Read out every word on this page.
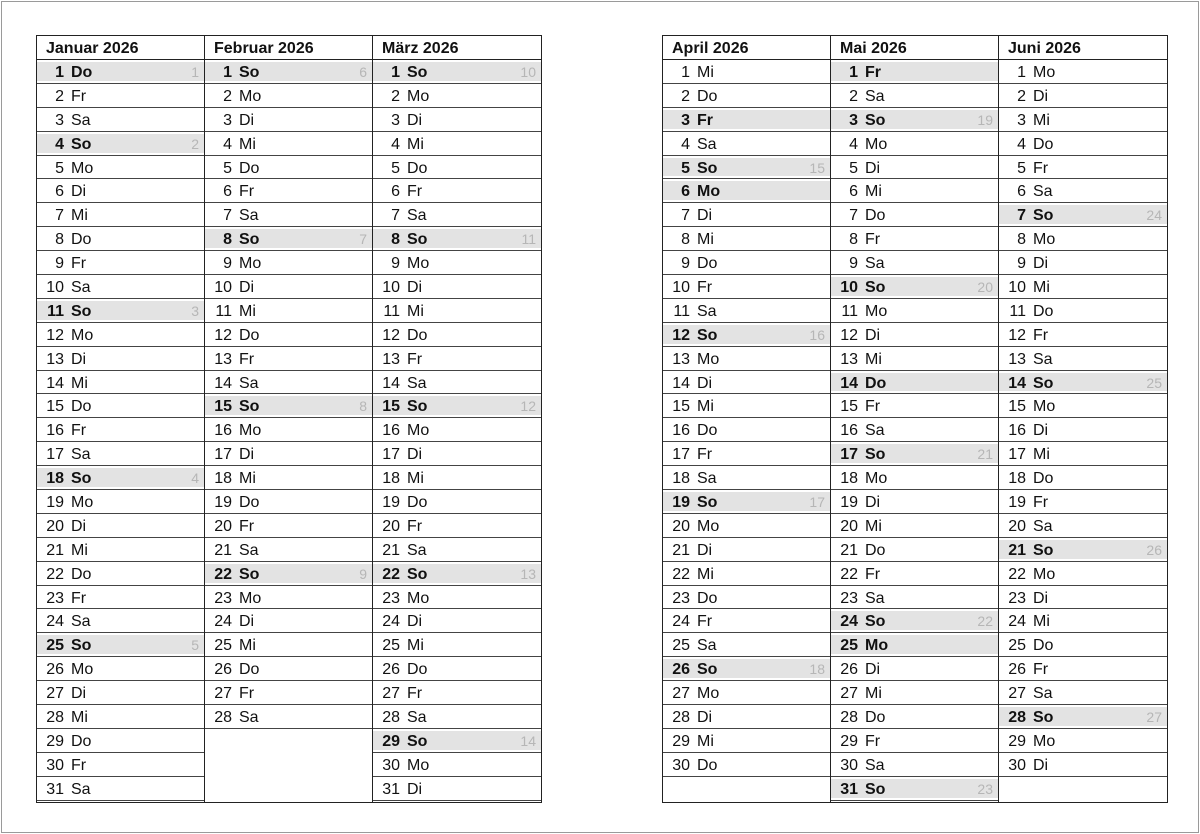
Januar 2026
1 Do	1
2 Fr
3 Sa
4 So	2
5 Mo
6 Di
7 Mi
8 Do
9 Fr
10 Sa
11 So	3
12 Mo
13 Di
14 Mi
15 Do
16 Fr
17 Sa
18 So	4
19 Mo
20 Di
21 Mi
22 Do
23 Fr
24 Sa
25 So	5
26 Mo
27 Di
28 Mi
29 Do
30 Fr
31 Sa
Februar 2026
1 So	6
2 Mo
3 Di
4 Mi
5 Do
6 Fr
7 Sa
8 So	7
9 Mo
10 Di
11 Mi
12 Do
13 Fr
14 Sa
15 So	8
16 Mo
17 Di
18 Mi
19 Do
20 Fr
21 Sa
22 So	9
23 Mo
24 Di
25 Mi
26 Do
27 Fr
28 Sa
März 2026
1 So	10
2 Mo
3 Di
4 Mi
5 Do
6 Fr
7 Sa
8 So	11
9 Mo
10 Di
11 Mi
12 Do
13 Fr
14 Sa
15 So	12
16 Mo
17 Di
18 Mi
19 Do
20 Fr
21 Sa
22 So	13
23 Mo
24 Di
25 Mi
26 Do
27 Fr
28 Sa
29 So	14
30 Mo
31 Di
April 2026
1 Mi
2 Do
3 Fr
4 Sa
5 So	15
6 Mo
7 Di
8 Mi
9 Do
10 Fr
11 Sa
12 So	16
13 Mo
14 Di
15 Mi
16 Do
17 Fr
18 Sa
19 So	17
20 Mo
21 Di
22 Mi
23 Do
24 Fr
25 Sa
26 So	18
27 Mo
28 Di
29 Mi
30 Do
Mai 2026
1 Fr
2 Sa
3 So	19
4 Mo
5 Di
6 Mi
7 Do
8 Fr
9 Sa
10 So	20
11 Mo
12 Di
13 Mi
14 Do
15 Fr
16 Sa
17 So	21
18 Mo
19 Di
20 Mi
21 Do
22 Fr
23 Sa
24 So	22
25 Mo
26 Di
27 Mi
28 Do
29 Fr
30 Sa
31 So	23
Juni 2026
1 Mo
2 Di
3 Mi
4 Do
5 Fr
6 Sa
7 So	24
8 Mo
9 Di
10 Mi
11 Do
12 Fr
13 Sa
14 So	25
15 Mo
16 Di
17 Mi
18 Do
19 Fr
20 Sa
21 So	26
22 Mo
23 Di
24 Mi
25 Do
26 Fr
27 Sa
28 So	27
29 Mo
30 Di
